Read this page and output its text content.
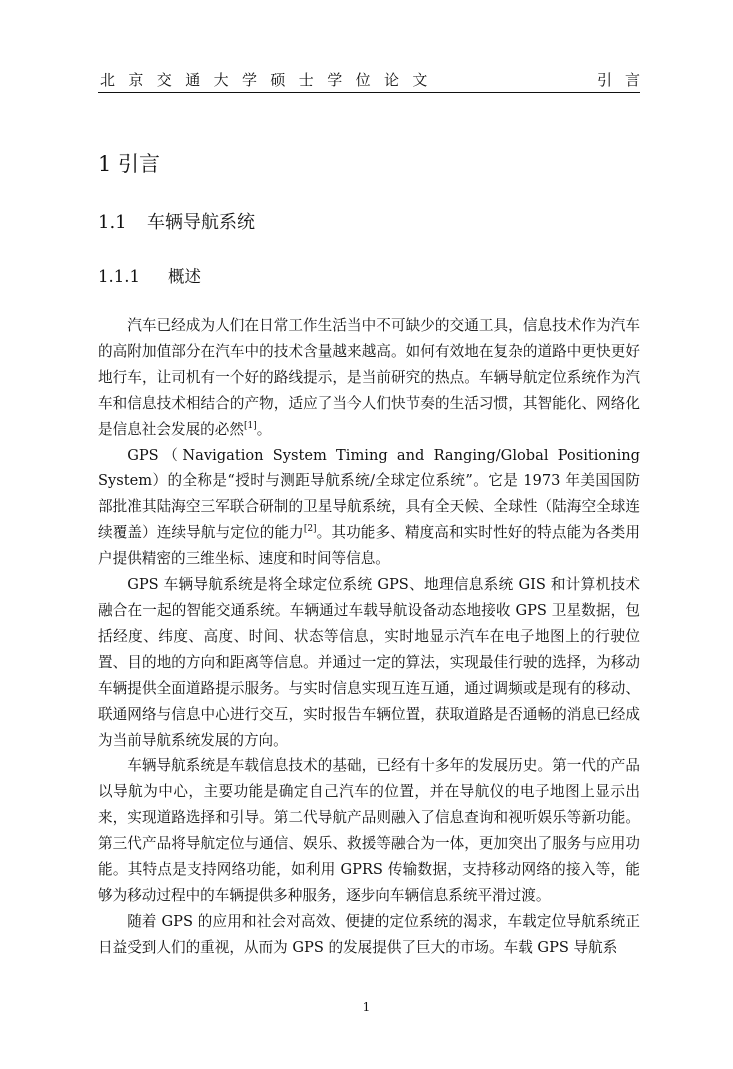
北京交通大学硕士学位论文	引言
1 引言
1.1 车辆导航系统
1.1.1 概述

汽车已经成为人们在日常工作生活当中不可缺少的交通工具，信息技术作为汽车的高附加值部分在汽车中的技术含量越来越高。如何有效地在复杂的道路中更快更好地行车，让司机有一个好的路线提示，是当前研究的热点。车辆导航定位系统作为汽车和信息技术相结合的产物，适应了当今人们快节奏的生活习惯，其智能化、网络化是信息社会发展的必然[1]。

GPS（Navigation System Timing and Ranging/Global Positioning System）的全称是“授时与测距导航系统/全球定位系统”。它是 1973 年美国国防部批准其陆海空三军联合研制的卫星导航系统，具有全天候、全球性（陆海空全球连续覆盖）连续导航与定位的能力[2]。其功能多、精度高和实时性好的特点能为各类用户提供精密的三维坐标、速度和时间等信息。

GPS 车辆导航系统是将全球定位系统 GPS、地理信息系统 GIS 和计算机技术融合在一起的智能交通系统。车辆通过车载导航设备动态地接收 GPS 卫星数据，包括经度、纬度、高度、时间、状态等信息，实时地显示汽车在电子地图上的行驶位置、目的地的方向和距离等信息。并通过一定的算法，实现最佳行驶的选择，为移动车辆提供全面道路提示服务。与实时信息实现互连互通，通过调频或是现有的移动、联通网络与信息中心进行交互，实时报告车辆位置，获取道路是否通畅的消息已经成为当前导航系统发展的方向。

车辆导航系统是车载信息技术的基础，已经有十多年的发展历史。第一代的产品以导航为中心，主要功能是确定自己汽车的位置，并在导航仪的电子地图上显示出来，实现道路选择和引导。第二代导航产品则融入了信息查询和视听娱乐等新功能。第三代产品将导航定位与通信、娱乐、救援等融合为一体，更加突出了服务与应用功能。其特点是支持网络功能，如利用 GPRS 传输数据，支持移动网络的接入等，能够为移动过程中的车辆提供多种服务，逐步向车辆信息系统平滑过渡。

随着 GPS 的应用和社会对高效、便捷的定位系统的渴求，车载定位导航系统正日益受到人们的重视，从而为 GPS 的发展提供了巨大的市场。车载 GPS 导航系

1
